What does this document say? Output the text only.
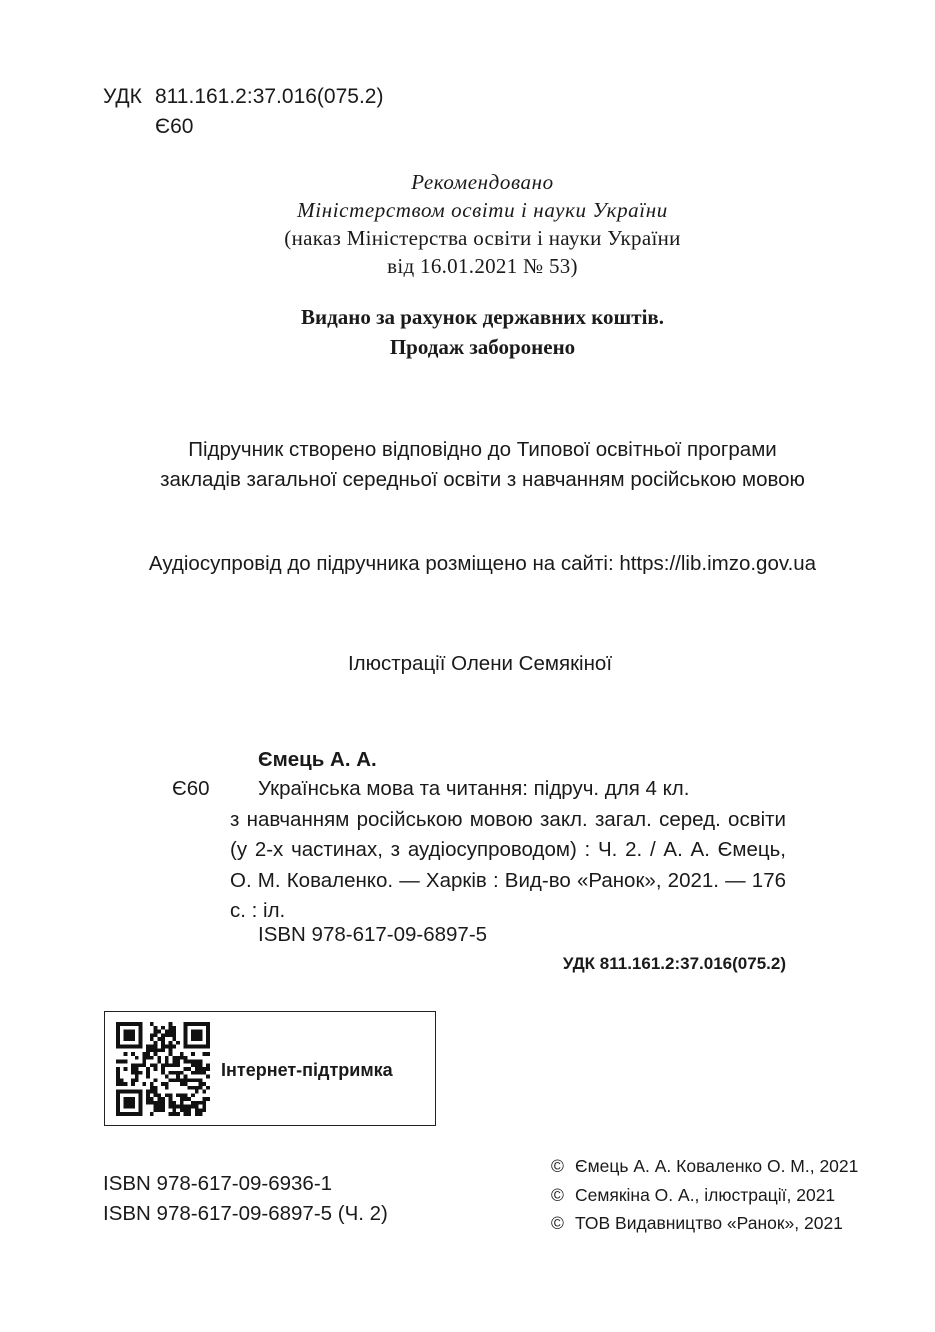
УДК 811.161.2:37.016(075.2)
Є60
Рекомендовано
Міністерством освіти і науки України
(наказ Міністерства освіти і науки України
від 16.01.2021 № 53)
Видано за рахунок державних коштів.
Продаж заборонено
Підручник створено відповідно до Типової освітньої програми
закладів загальної середньої освіти з навчанням російською мовою
Аудіосупровід до підручника розміщено на сайті: https://lib.imzo.gov.ua
Ілюстрації Олени Семякіної
Ємець А. А.
Є60	Українська мова та читання: підруч. для 4 кл.
з навчанням російською мовою закл. загал. серед. освіти (у 2-х частинах, з аудіосупроводом) : Ч. 2. / А. А. Ємець, О. М. Коваленко. — Харків : Вид-во «Ранок», 2021. — 176 с. : іл.
ISBN 978-617-09-6897-5
УДК 811.161.2:37.016(075.2)
Інтернет-підтримка
ISBN 978-617-09-6936-1
ISBN 978-617-09-6897-5 (Ч. 2)
© Ємець А. А. Коваленко О. М., 2021
© Семякіна О. А., ілюстрації, 2021
© ТОВ Видавництво «Ранок», 2021
